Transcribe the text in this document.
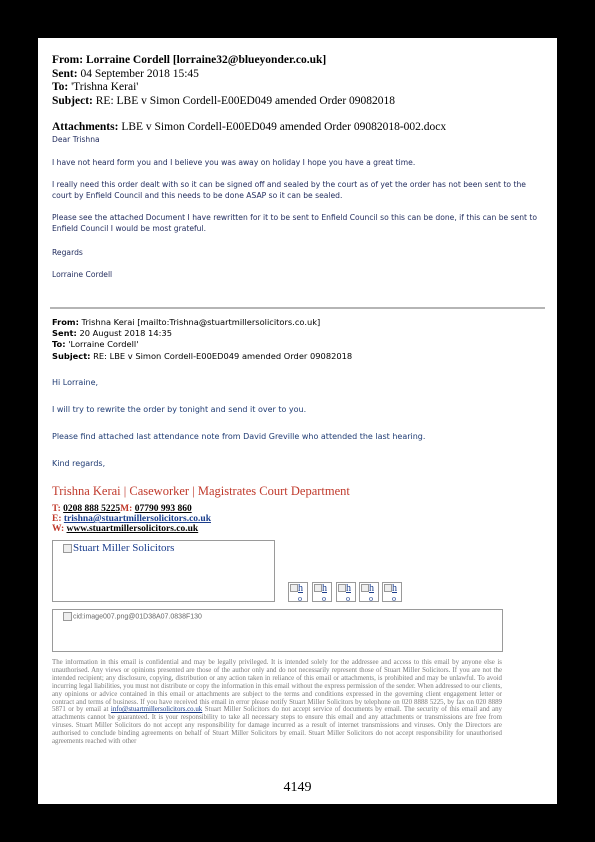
From: Lorraine Cordell [lorraine32@blueyonder.co.uk]
Sent: 04 September 2018 15:45
To: 'Trishna Kerai'
Subject: RE: LBE v Simon Cordell-E00ED049 amended Order 09082018
Attachments: LBE v Simon Cordell-E00ED049 amended Order 09082018-002.docx
Dear Trishna
I have not heard form you and I believe you was away on holiday I hope you have a great time.
I really need this order dealt with so it can be signed off and sealed by the court as of yet the order has not been sent to the court by Enfield Council and this needs to be done ASAP so it can be sealed.
Please see the attached Document I have rewritten for it to be sent to Enfield Council so this can be done, if this can be sent to Enfield Council I would be most grateful.
Regards
Lorraine Cordell
From: Trishna Kerai [mailto:Trishna@stuartmillersolicitors.co.uk]
Sent: 20 August 2018 14:35
To: 'Lorraine Cordell'
Subject: RE: LBE v Simon Cordell-E00ED049 amended Order 09082018
Hi Lorraine,
I will try to rewrite the order by tonight and send it over to you.
Please find attached last attendance note from David Greville who attended the last hearing.
Kind regards,
Trishna Kerai | Caseworker | Magistrates Court Department
T: 0208 888 5225M: 07790 993 860
E: trishna@stuartmillersolicitors.co.uk
W: www.stuartmillersolicitors.co.uk
Stuart Miller Solicitors
h
o
h
o
h
o
h
o
h
o
cid:image007.png@01D38A07.0838F130
The information in this email is confidential and may be legally privileged. It is intended solely for the addressee and access to this email by anyone else is unauthorised. Any views or opinions presented are those of the author only and do not necessarily represent those of Stuart Miller Solicitors. If you are not the intended recipient; any disclosure, copying, distribution or any action taken in reliance of this email or attachments, is prohibited and may be unlawful. To avoid incurring legal liabilities, you must not distribute or copy the information in this email without the express permission of the sender. When addressed to our clients, any opinions or advice contained in this email or attachments are subject to the terms and conditions expressed in the governing client engagement letter or contract and terms of business. If you have received this email in error please notify Stuart Miller Solicitors by telephone on 020 8888 5225, by fax on 020 8889 5871 or by email at info@stuartmillersolicitors.co.uk Stuart Miller Solicitors do not accept service of documents by email. The security of this email and any attachments cannot be guaranteed. It is your responsibility to take all necessary steps to ensure this email and any attachments or transmissions are free from viruses. Stuart Miller Solicitors do not accept any responsibility for damage incurred as a result of internet transmissions and viruses. Only the Directors are authorised to conclude binding agreements on behalf of Stuart Miller Solicitors by email. Stuart Miller Solicitors do not accept responsibility for unauthorised agreements reached with other
4149
